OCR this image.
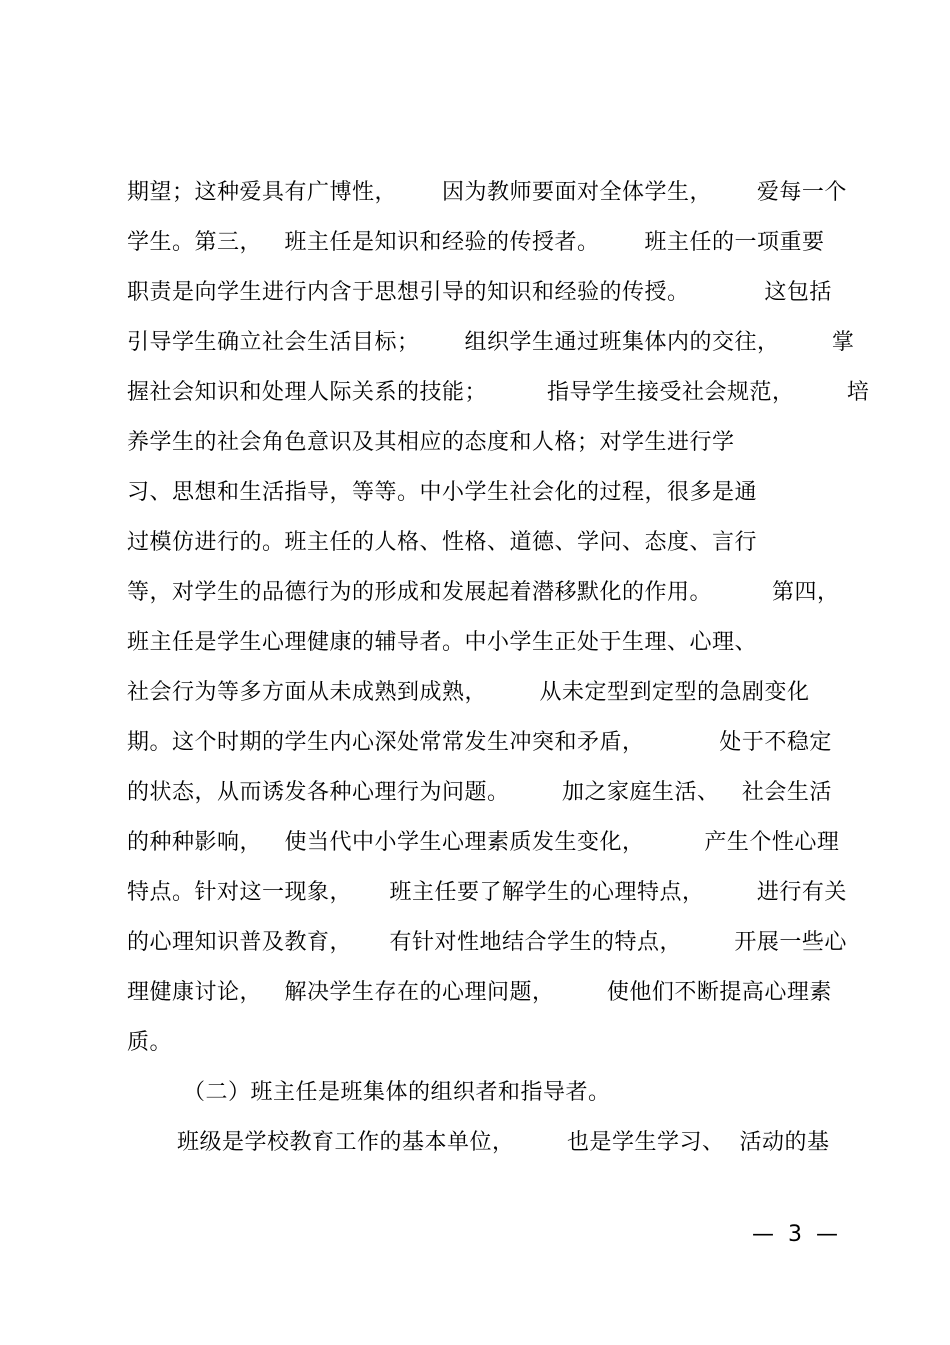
期望；这种爱具有广博性，      因为教师要面对全体学生，      爱每一个
学生。第三，   班主任是知识和经验的传授者。      班主任的一项重要
职责是向学生进行内含于思想引导的知识和经验的传授。          这包括
引导学生确立社会生活目标；      组织学生通过班集体内的交往，       掌
握社会知识和处理人际关系的技能；        指导学生接受社会规范，       培
养学生的社会角色意识及其相应的态度和人格；对学生进行学
习、思想和生活指导，等等。中小学生社会化的过程，很多是通
过模仿进行的。班主任的人格、性格、道德、学问、态度、言行
等，对学生的品德行为的形成和发展起着潜移默化的作用。        第四，
班主任是学生心理健康的辅导者。中小学生正处于生理、心理、
社会行为等多方面从未成熟到成熟，       从未定型到定型的急剧变化
期。这个时期的学生内心深处常常发生冲突和矛盾，          处于不稳定
的状态，从而诱发各种心理行为问题。       加之家庭生活、   社会生活
的种种影响，   使当代中小学生心理素质发生变化，        产生个性心理
特点。针对这一现象，     班主任要了解学生的心理特点，       进行有关
的心理知识普及教育，     有针对性地结合学生的特点，       开展一些心
理健康讨论，   解决学生存在的心理问题，       使他们不断提高心理素
质。
（二）班主任是班集体的组织者和指导者。
班级是学校教育工作的基本单位，       也是学生学习、  活动的基
—  3  —
